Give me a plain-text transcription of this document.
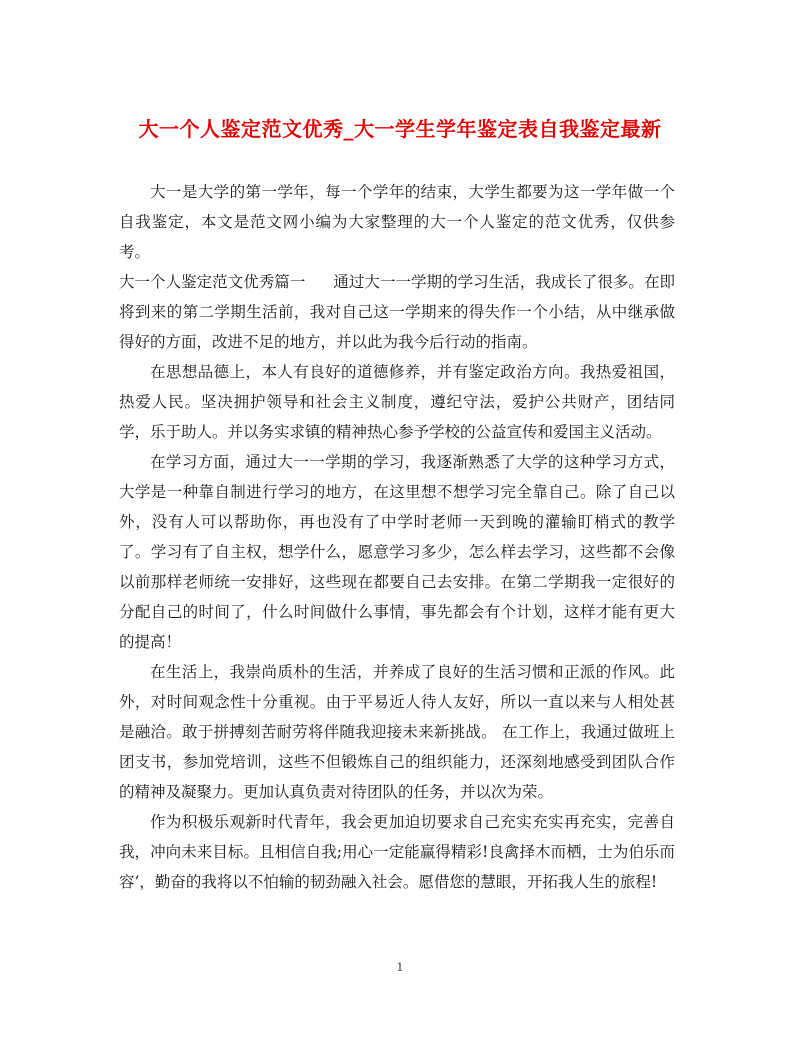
大一个人鉴定范文优秀_大一学生学年鉴定表自我鉴定最新

大一是大学的第一学年，每一个学年的结束，大学生都要为这一学年做一个自我鉴定，本文是范文网小编为大家整理的大一个人鉴定的范文优秀，仅供参考。

大一个人鉴定范文优秀篇一 通过大一一学期的学习生活，我成长了很多。在即将到来的第二学期生活前，我对自己这一学期来的得失作一个小结，从中继承做得好的方面，改进不足的地方，并以此为我今后行动的指南。

在思想品德上，本人有良好的道德修养，并有鉴定政治方向。我热爱祖国，热爱人民。坚决拥护领导和社会主义制度，遵纪守法，爱护公共财产，团结同学，乐于助人。并以务实求镇的精神热心参予学校的公益宣传和爱国主义活动。

在学习方面，通过大一一学期的学习，我逐渐熟悉了大学的这种学习方式，大学是一种靠自制进行学习的地方，在这里想不想学习完全靠自己。除了自己以外，没有人可以帮助你，再也没有了中学时老师一天到晚的灌输盯梢式的教学了。学习有了自主权，想学什么，愿意学习多少，怎么样去学习，这些都不会像以前那样老师统一安排好，这些现在都要自己去安排。在第二学期我一定很好的分配自己的时间了，什么时间做什么事情，事先都会有个计划，这样才能有更大的提高！

在生活上，我崇尚质朴的生活，并养成了良好的生活习惯和正派的作风。此外，对时间观念性十分重视。由于平易近人待人友好，所以一直以来与人相处甚是融洽。敢于拼搏刻苦耐劳将伴随我迎接未来新挑战。 在工作上，我通过做班上团支书，参加党培训，这些不但锻炼自己的组织能力，还深刻地感受到团队合作的精神及凝聚力。更加认真负责对待团队的任务，并以次为荣。

作为积极乐观新时代青年，我会更加迫切要求自己充实充实再充实，完善自我，冲向未来目标。且相信自我;用心一定能赢得精彩!良禽择木而栖，士为伯乐而容’，勤奋的我将以不怕输的韧劲融入社会。愿借您的慧眼，开拓我人生的旅程!

1
